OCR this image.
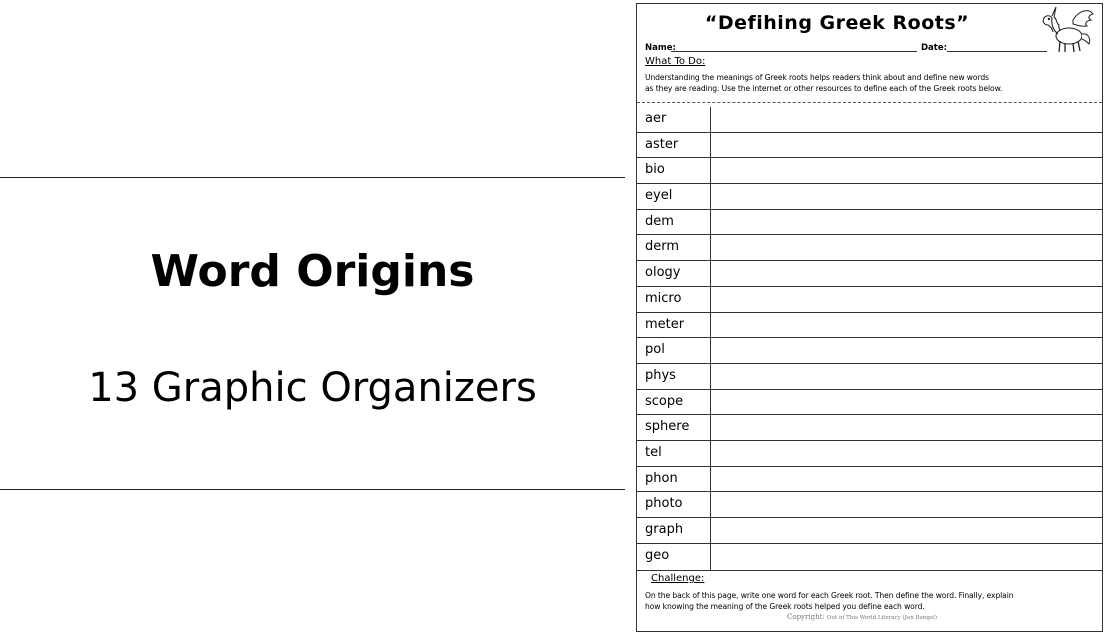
Word Origins
13 Graphic Organizers
“Defihing Greek Roots”
Name:	Date:
What To Do:
Understanding the meanings of Greek roots helps readers think about and define new words
as they are reading. Use the internet or other resources to define each of the Greek roots below.
aer
aster
bio
eyel
dem
derm
ology
micro
meter
pol
phys
scope
sphere
tel
phon
photo
graph
geo
Challenge:
On the back of this page, write one word for each Greek root. Then define the word. Finally, explain
how knowing the meaning of the Greek roots helped you define each word.
Copyright: Out of This World Literacy (Jen Bengel)
